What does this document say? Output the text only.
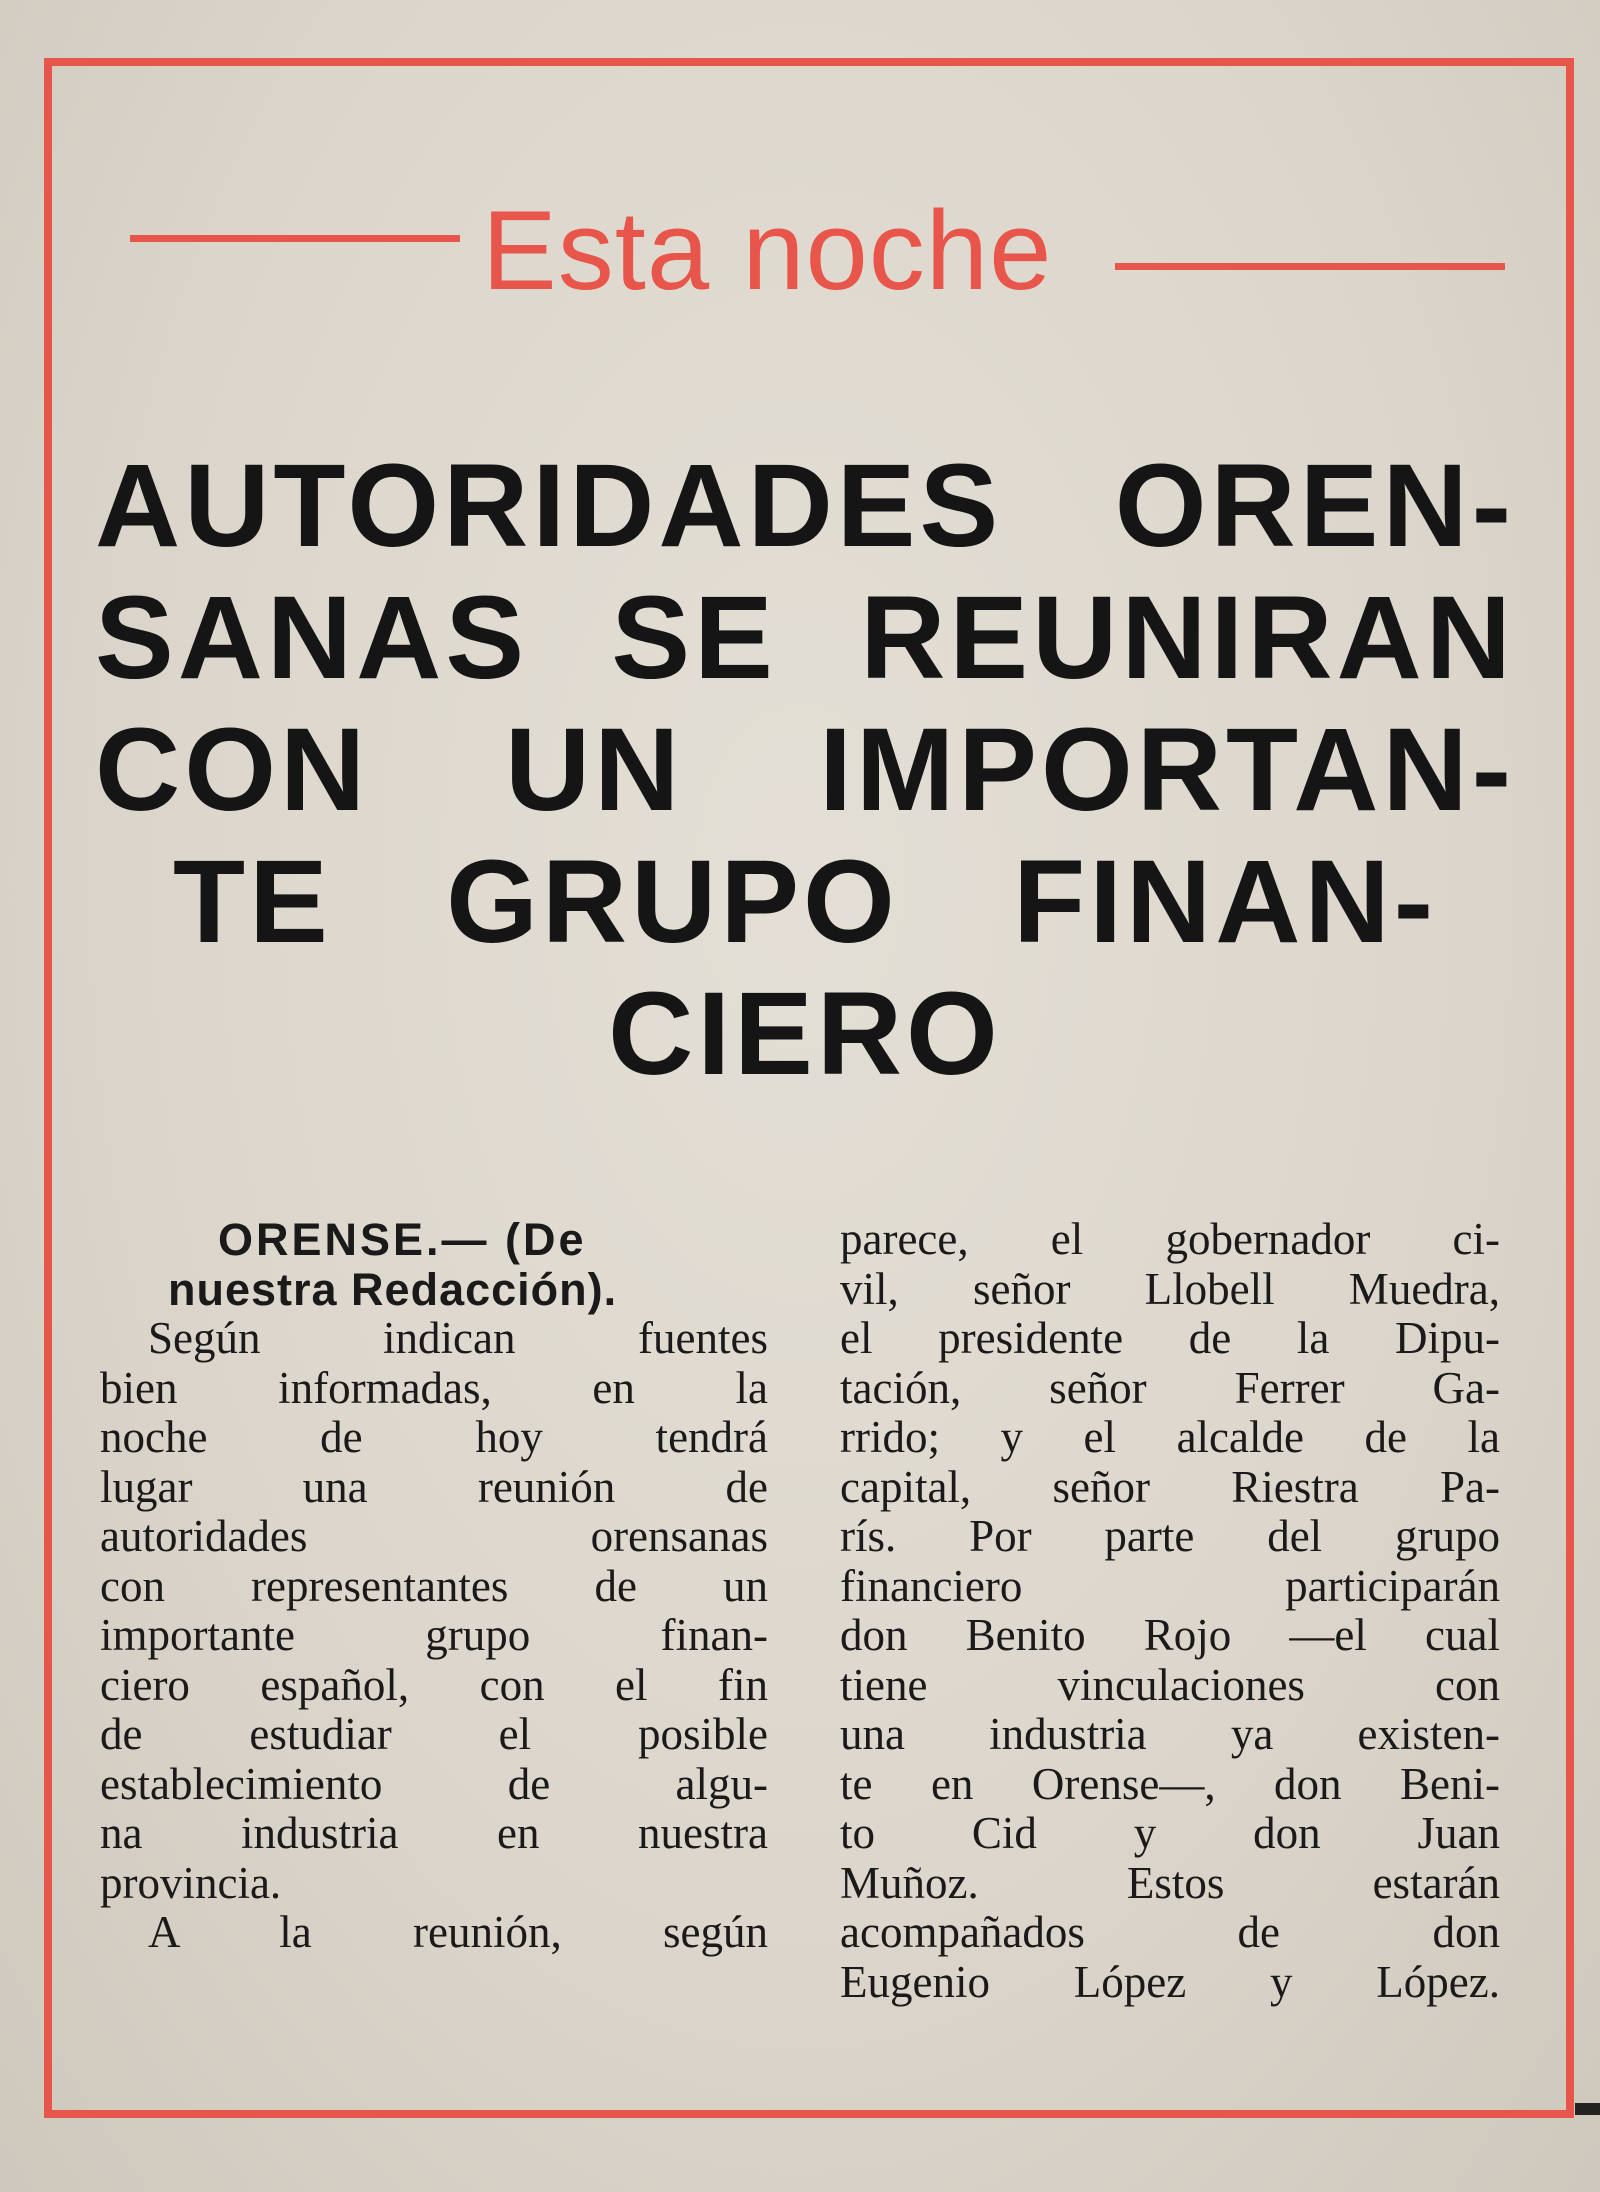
Esta noche
AUTORIDADES OREN-
SANAS SE REUNIRAN
CON UN IMPORTAN-
TE GRUPO FINAN-
CIERO
ORENSE.— (De
nuestra Redacción).
Según indican fuentes
bien informadas, en la
noche de hoy tendrá
lugar una reunión de
autoridades orensanas
con representantes de un
importante grupo finan-
ciero español, con el fin
de estudiar el posible
establecimiento de algu-
na industria en nuestra
provincia.
A la reunión, según
parece, el gobernador ci-
vil, señor Llobell Muedra,
el presidente de la Dipu-
tación, señor Ferrer Ga-
rrido; y el alcalde de la
capital, señor Riestra Pa-
rís. Por parte del grupo
financiero participarán
don Benito Rojo —el cual
tiene vinculaciones con
una industria ya existen-
te en Orense—, don Beni-
to Cid y don Juan
Muñoz. Estos estarán
acompañados de don
Eugenio López y López.
